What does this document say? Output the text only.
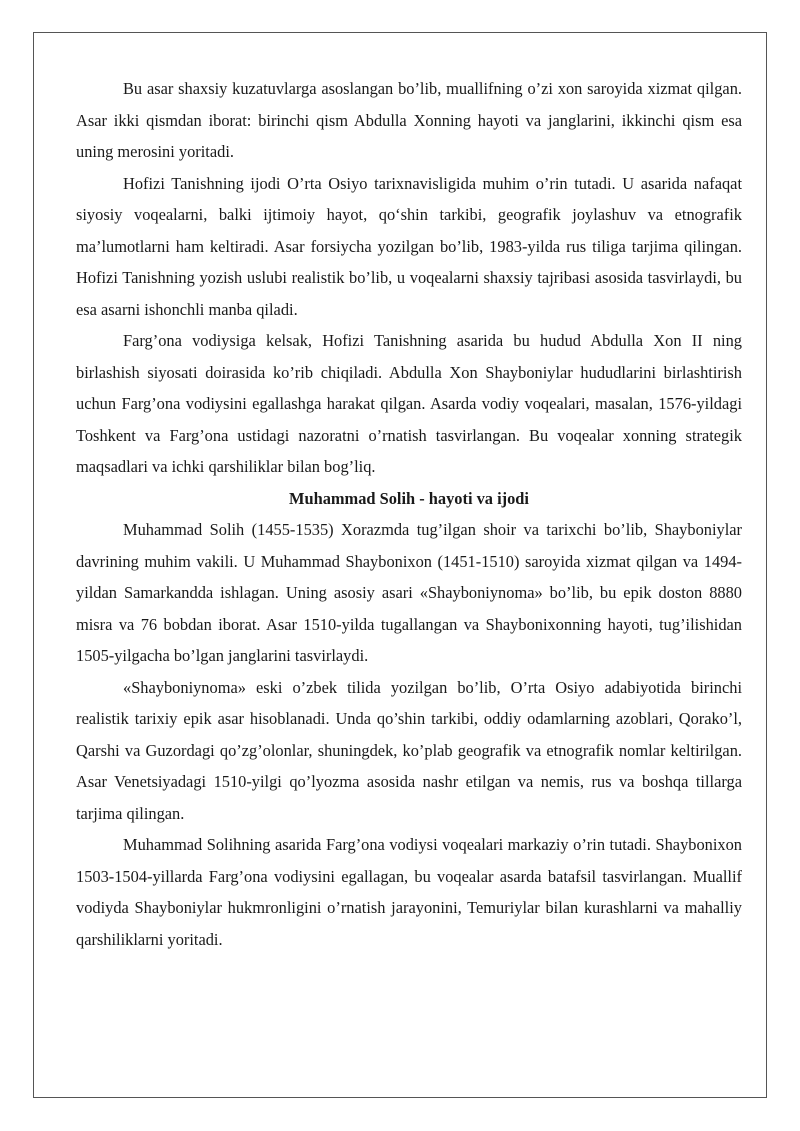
Bu asar shaxsiy kuzatuvlarga asoslangan bo’lib, muallifning o’zi xon saroyida xizmat qilgan. Asar ikki qismdan iborat: birinchi qism Abdulla Xonning hayoti va janglarini, ikkinchi qism esa uning merosini yoritadi.

Hofizi Tanishning ijodi O’rta Osiyo tarixnavisligida muhim o’rin tutadi. U asarida nafaqat siyosiy voqealarni, balki ijtimoiy hayot, qo‘shin tarkibi, geografik joylashuv va etnografik ma’lumotlarni ham keltiradi. Asar forsiycha yozilgan bo’lib, 1983-yilda rus tiliga tarjima qilingan. Hofizi Tanishning yozish uslubi realistik bo’lib, u voqealarni shaxsiy tajribasi asosida tasvirlaydi, bu esa asarni ishonchli manba qiladi.

Farg’ona vodiysiga kelsak, Hofizi Tanishning asarida bu hudud Abdulla Xon II ning birlashish siyosati doirasida ko’rib chiqiladi. Abdulla Xon Shayboniylar hududlarini birlashtirish uchun Farg’ona vodiysini egallashga harakat qilgan. Asarda vodiy voqealari, masalan, 1576-yildagi Toshkent va Farg’ona ustidagi nazoratni o’rnatish tasvirlangan. Bu voqealar xonning strategik maqsadlari va ichki qarshiliklar bilan bog’liq.

Muhammad Solih - hayoti va ijodi

Muhammad Solih (1455-1535) Xorazmda tug’ilgan shoir va tarixchi bo’lib, Shayboniylar davrining muhim vakili. U Muhammad Shaybonixon (1451-1510) saroyida xizmat qilgan va 1494-yildan Samarkandda ishlagan. Uning asosiy asari «Shayboniynoma» bo’lib, bu epik doston 8880 misra va 76 bobdan iborat. Asar 1510-yilda tugallangan va Shaybonixonning hayoti, tug’ilishidan 1505-yilgacha bo’lgan janglarini tasvirlaydi.

«Shayboniynoma» eski o’zbek tilida yozilgan bo’lib, O’rta Osiyo adabiyotida birinchi realistik tarixiy epik asar hisoblanadi. Unda qo’shin tarkibi, oddiy odamlarning azoblari, Qorako’l, Qarshi va Guzordagi qo’zg’olonlar, shuningdek, ko’plab geografik va etnografik nomlar keltirilgan. Asar Venetsiyadagi 1510-yilgi qo’lyozma asosida nashr etilgan va nemis, rus va boshqa tillarga tarjima qilingan.

Muhammad Solihning asarida Farg’ona vodiysi voqealari markaziy o’rin tutadi. Shaybonixon 1503-1504-yillarda Farg’ona vodiysini egallagan, bu voqealar asarda batafsil tasvirlangan. Muallif vodiyda Shayboniylar hukmronligini o’rnatish jarayonini, Temuriylar bilan kurashlarni va mahalliy qarshiliklarni yoritadi.
